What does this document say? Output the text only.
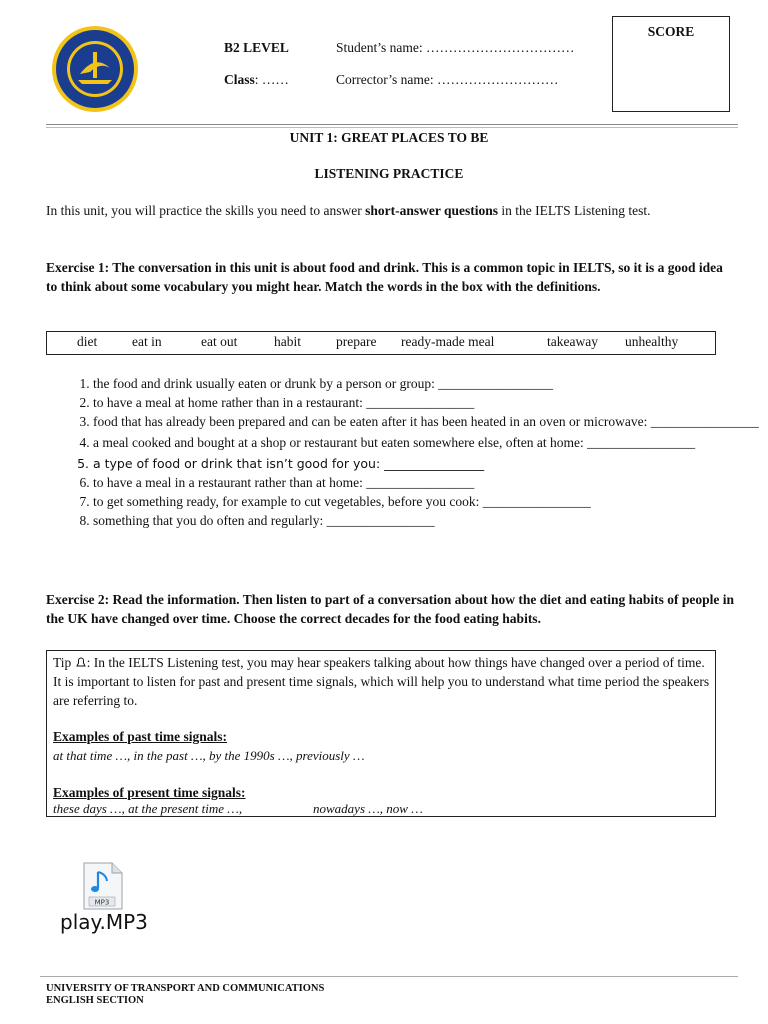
B2 LEVEL
Class: ……
Student’s name: ……………………………
Corrector’s name: ………………………
SCORE
UNIT 1: GREAT PLACES TO BE
LISTENING PRACTICE
In this unit, you will practice the skills you need to answer short-answer questions in the IELTS Listening test.
Exercise 1: The conversation in this unit is about food and drink. This is a common topic in IELTS, so it is a good idea to think about some vocabulary you might hear. Match the words in the box with the definitions.
diet	eat in	eat out	habit	prepare ready-made meal	takeaway unhealthy
1. the food and drink usually eaten or drunk by a person or group: _________________
2. to have a meal at home rather than in a restaurant: ________________
3. food that has already been prepared and can be eaten after it has been heated in an oven or microwave: ________________
4. a meal cooked and bought at a shop or restaurant but eaten somewhere else, often at home: ________________
5. a type of food or drink that isn’t good for you: ________________
6. to have a meal in a restaurant rather than at home: ________________
7. to get something ready, for example to cut vegetables, before you cook: ________________
8. something that you do often and regularly: ________________
Exercise 2: Read the information. Then listen to part of a conversation about how the diet and eating habits of people in the UK have changed over time. Choose the correct decades for the food eating habits.
Tip : In the IELTS Listening test, you may hear speakers talking about how things have changed over a period of time. It is important to listen for past and present time signals, which will help you to understand what time period the speakers are referring to.
Examples of past time signals:
at that time …, in the past …, by the 1990s …, previously …
Examples of present time signals:
these days …, at the present time …,	nowadays …, now …
MP3
play.MP3
UNIVERSITY OF TRANSPORT AND COMMUNICATIONS
ENGLISH SECTION
